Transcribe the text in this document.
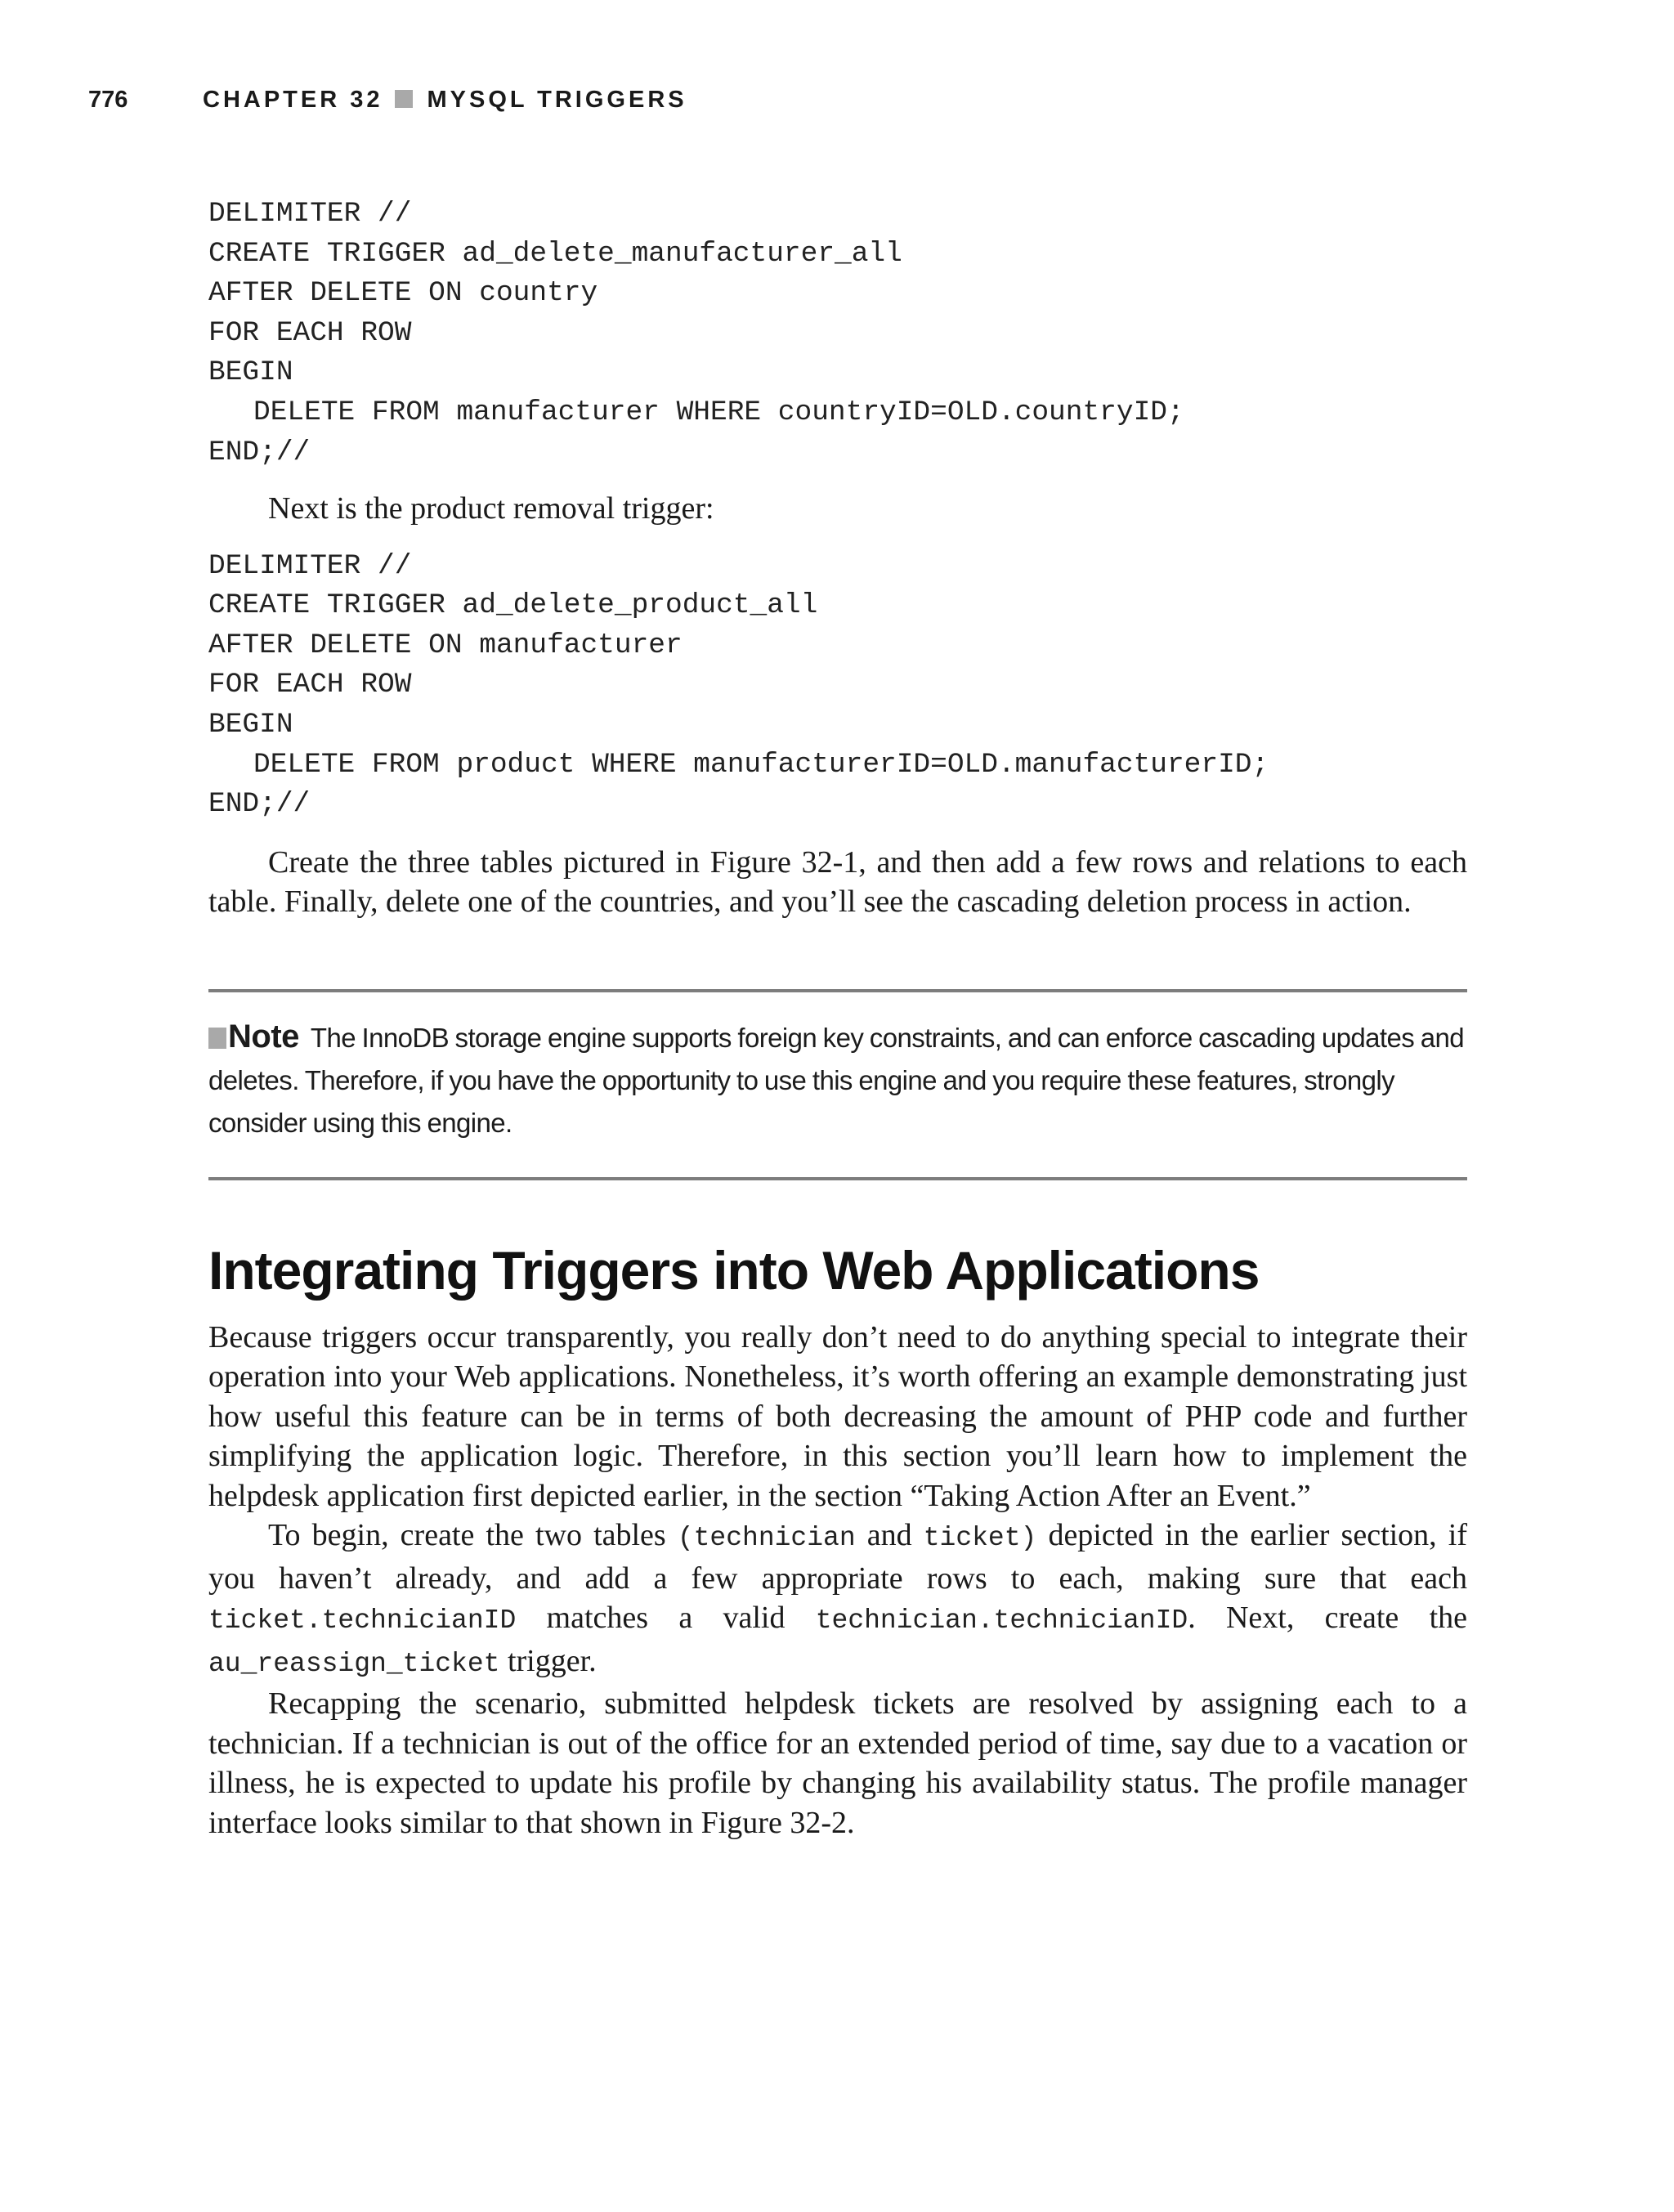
776	CHAPTER 32 MYSQL TRIGGERS
DELIMITER //
CREATE TRIGGER ad_delete_manufacturer_all
AFTER DELETE ON country
FOR EACH ROW
BEGIN
DELETE FROM manufacturer WHERE countryID=OLD.countryID;
END;//

Next is the product removal trigger:

DELIMITER //
CREATE TRIGGER ad_delete_product_all
AFTER DELETE ON manufacturer
FOR EACH ROW
BEGIN
DELETE FROM product WHERE manufacturerID=OLD.manufacturerID;
END;//

Create the three tables pictured in Figure 32-1, and then add a few rows and relations to each table. Finally, delete one of the countries, and you’ll see the cascading deletion process in action.

Note The InnoDB storage engine supports foreign key constraints, and can enforce cascading updates and deletes. Therefore, if you have the opportunity to use this engine and you require these features, strongly consider using this engine.
Integrating Triggers into Web Applications

Because triggers occur transparently, you really don’t need to do anything special to integrate their operation into your Web applications. Nonetheless, it’s worth offering an example demonstrating just how useful this feature can be in terms of both decreasing the amount of PHP code and further simplifying the application logic. Therefore, in this section you’ll learn how to implement the helpdesk application first depicted earlier, in the section “Taking Action After an Event.”

To begin, create the two tables (technician and ticket) depicted in the earlier section, if you haven’t already, and add a few appropriate rows to each, making sure that each ticket.technicianID matches a valid technician.technicianID. Next, create the au_reassign_ticket trigger.

Recapping the scenario, submitted helpdesk tickets are resolved by assigning each to a technician. If a technician is out of the office for an extended period of time, say due to a vacation or illness, he is expected to update his profile by changing his availability status. The profile manager interface looks similar to that shown in Figure 32-2.
